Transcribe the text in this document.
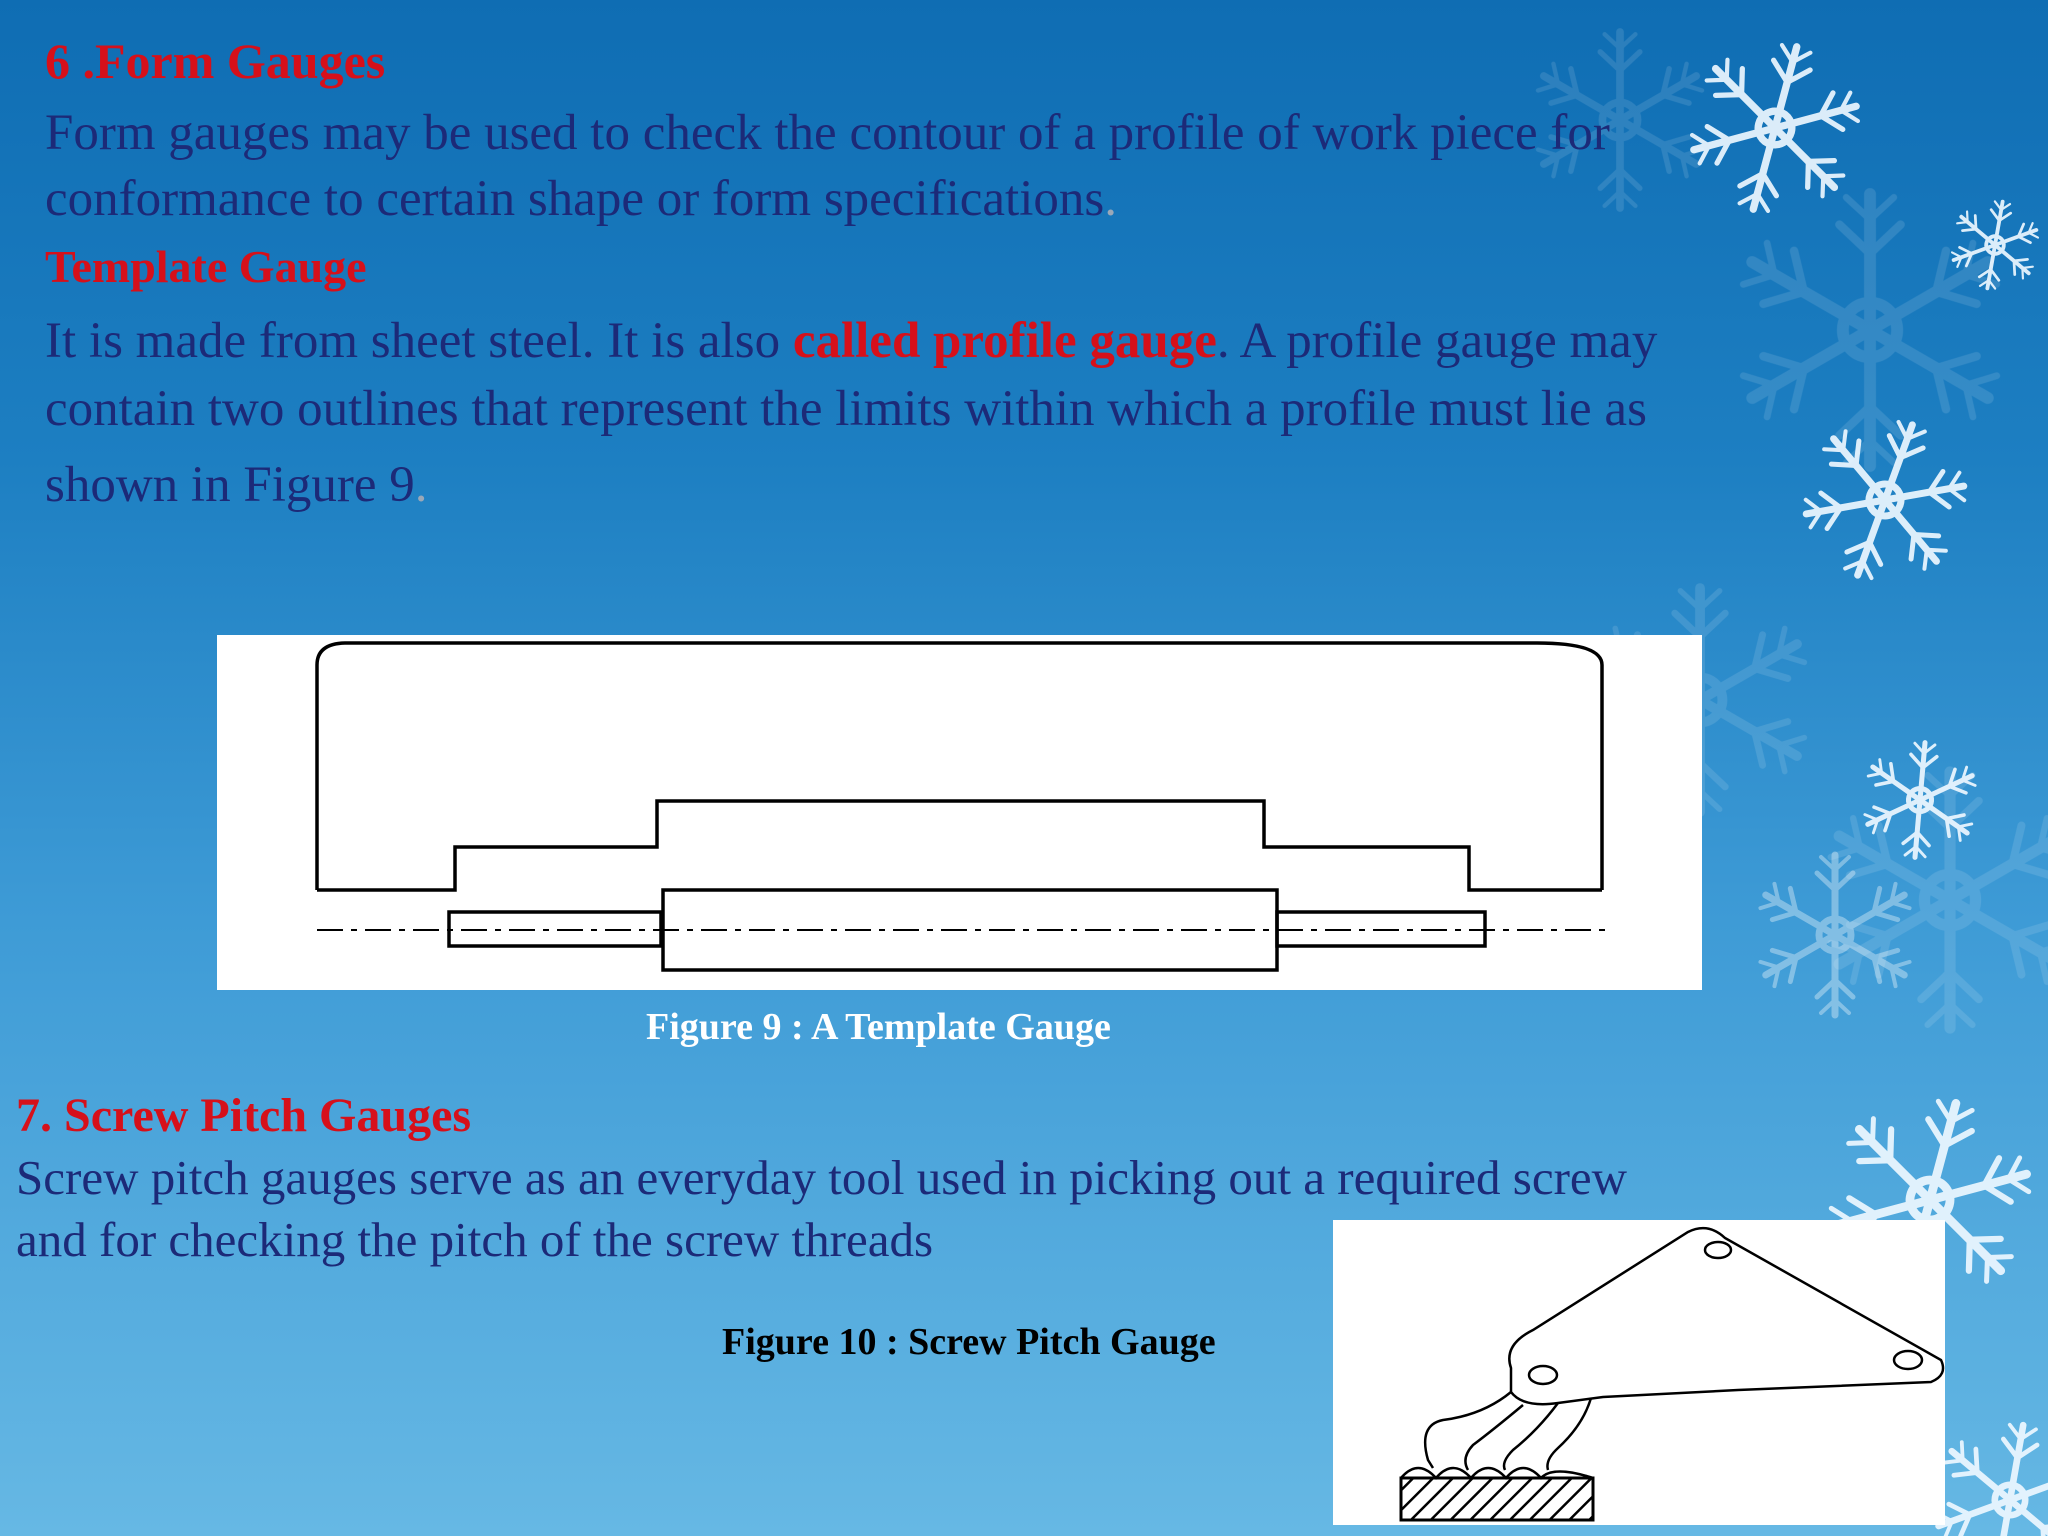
6 .Form Gauges
Form gauges may be used to check the contour of a profile of work piece for
conformance to certain shape or form specifications.
Template Gauge
It is made from sheet steel. It is also called profile gauge. A profile gauge may
contain two outlines that represent the limits within which a profile must lie as
shown in Figure 9.
Figure 9 : A Template Gauge
7. Screw Pitch Gauges
Screw pitch gauges serve as an everyday tool used in picking out a required screw
and for checking the pitch of the screw threads
Figure 10 : Screw Pitch Gauge
